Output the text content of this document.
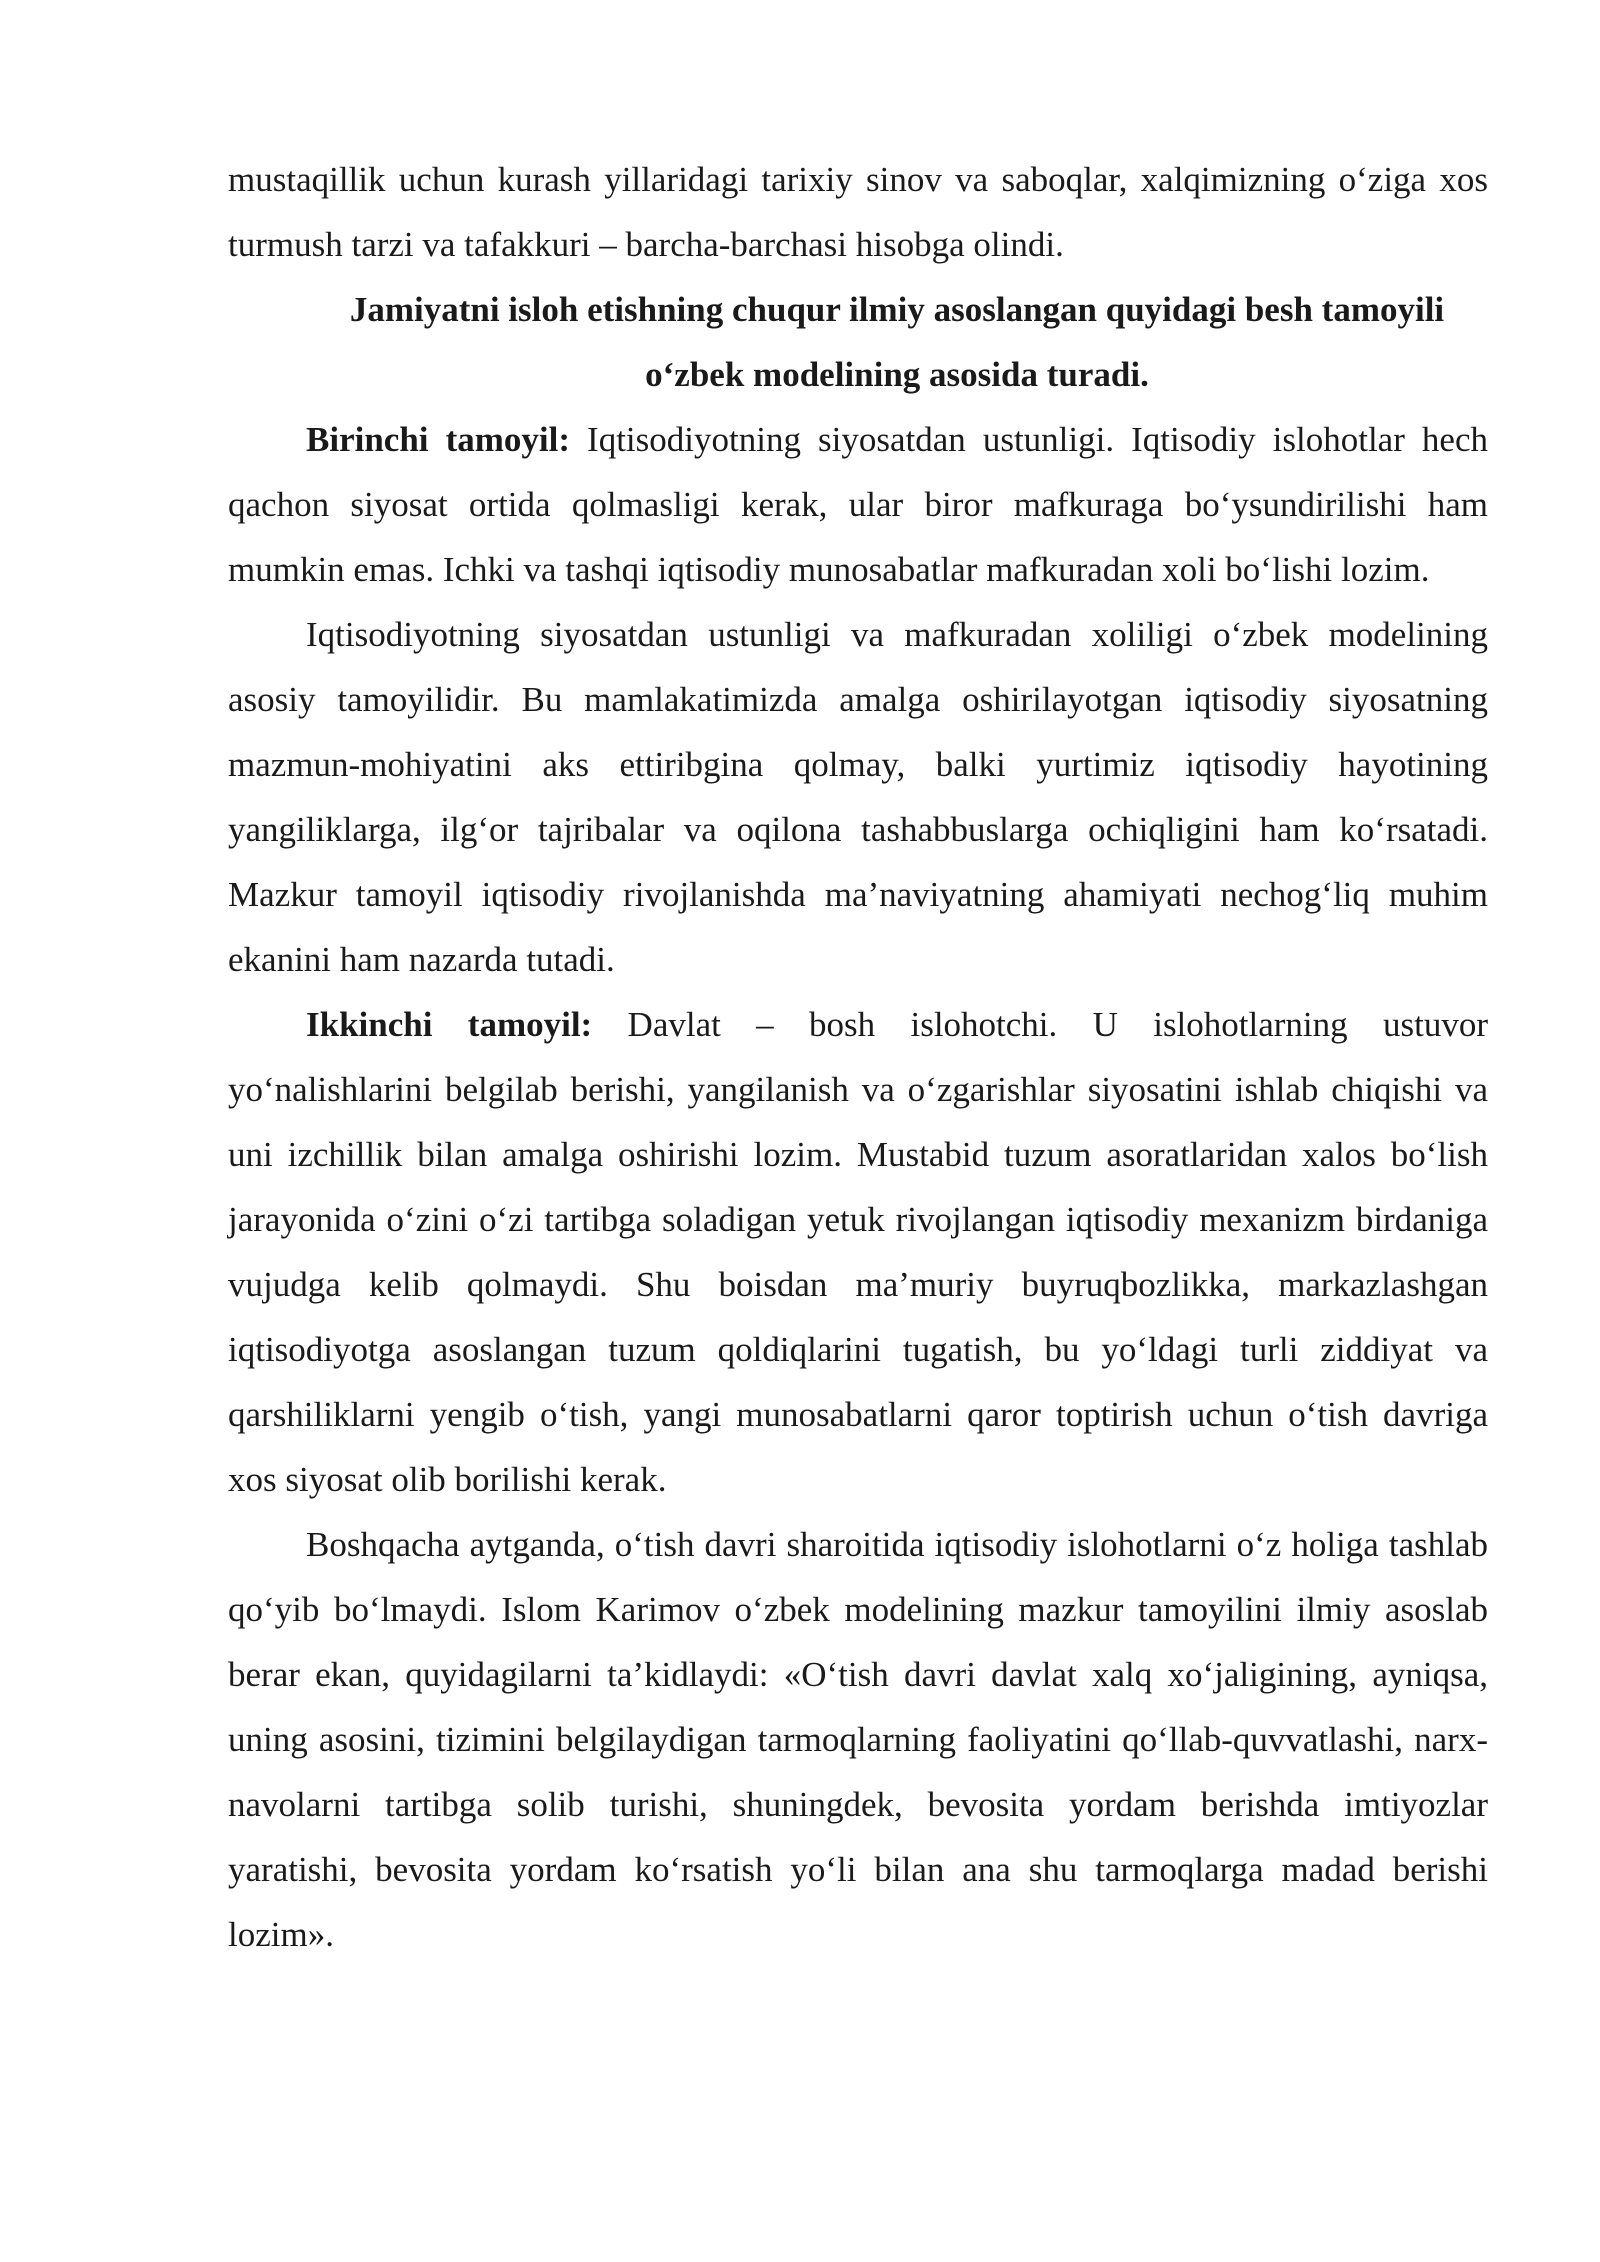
mustaqillik uchun kurash yillaridagi tarixiy sinov va saboqlar, xalqimizning o‘ziga xos turmush tarzi va tafakkuri – barcha-barchasi hisobga olindi.

Jamiyatni isloh etishning chuqur ilmiy asoslangan quyidagi besh tamoyili o‘zbek modelining asosida turadi.

Birinchi tamoyil: Iqtisodiyotning siyosatdan ustunligi. Iqtisodiy islohotlar hech qachon siyosat ortida qolmasligi kerak, ular biror mafkuraga bo‘ysundirilishi ham mumkin emas. Ichki va tashqi iqtisodiy munosabatlar mafkuradan xoli bo‘lishi lozim.

Iqtisodiyotning siyosatdan ustunligi va mafkuradan xoliligi o‘zbek modelining asosiy tamoyilidir. Bu mamlakatimizda amalga oshirilayotgan iqtisodiy siyosatning mazmun-mohiyatini aks ettiribgina qolmay, balki yurtimiz iqtisodiy hayotining yangiliklarga, ilg‘or tajribalar va oqilona tashabbuslarga ochiqligini ham ko‘rsatadi. Mazkur tamoyil iqtisodiy rivojlanishda ma’naviyatning ahamiyati nechog‘liq muhim ekanini ham nazarda tutadi.

Ikkinchi tamoyil: Davlat – bosh islohotchi. U islohotlarning ustuvor yo‘nalishlarini belgilab berishi, yangilanish va o‘zgarishlar siyosatini ishlab chiqishi va uni izchillik bilan amalga oshirishi lozim. Mustabid tuzum asoratlaridan xalos bo‘lish jarayonida o‘zini o‘zi tartibga soladigan yetuk rivojlangan iqtisodiy mexanizm birdaniga vujudga kelib qolmaydi. Shu boisdan ma’muriy buyruqbozlikka, markazlashgan iqtisodiyotga asoslangan tuzum qoldiqlarini tugatish, bu yo‘ldagi turli ziddiyat va qarshiliklarni yengib o‘tish, yangi munosabatlarni qaror toptirish uchun o‘tish davriga xos siyosat olib borilishi kerak.

Boshqacha aytganda, o‘tish davri sharoitida iqtisodiy islohotlarni o‘z holiga tashlab qo‘yib bo‘lmaydi. Islom Karimov o‘zbek modelining mazkur tamoyilini ilmiy asoslab berar ekan, quyidagilarni ta’kidlaydi: «O‘tish davri davlat xalq xo‘jaligining, ayniqsa, uning asosini, tizimini belgilaydigan tarmoqlarning faoliyatini qo‘llab-quvvatlashi, narx-navolarni tartibga solib turishi, shuningdek, bevosita yordam berishda imtiyozlar yaratishi, bevosita yordam ko‘rsatish yo‘li bilan ana shu tarmoqlarga madad berishi lozim».
